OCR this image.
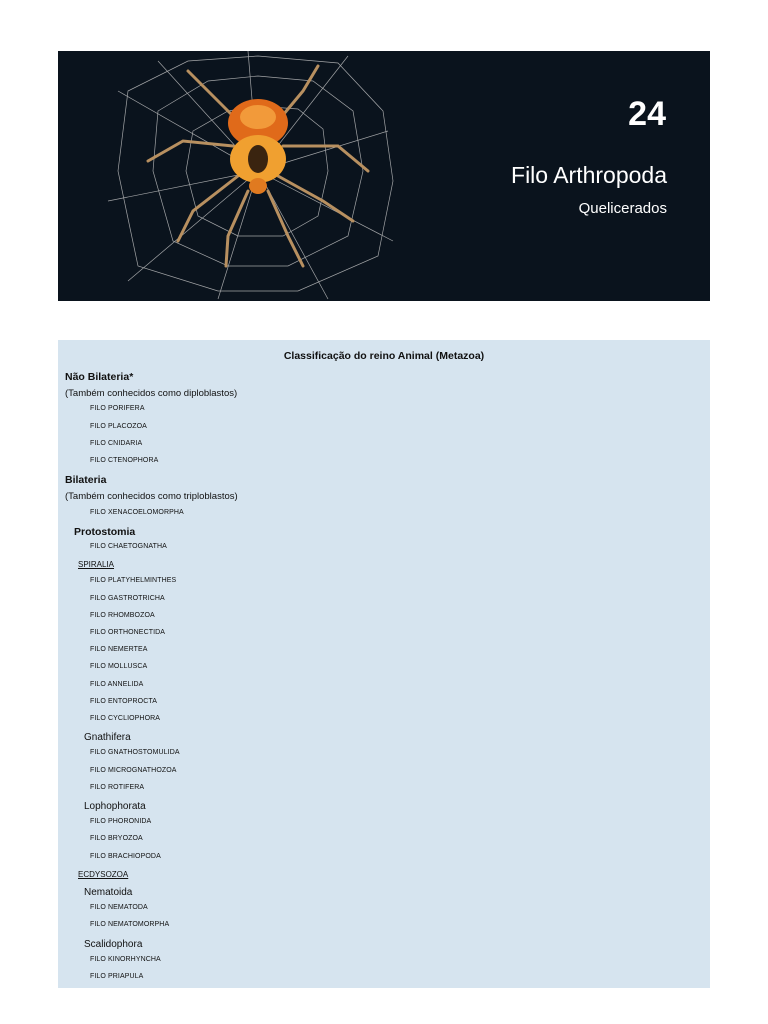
24
Filo Arthropoda
Quelicerados
Classificação do reino Animal (Metazoa)
Não Bilateria*
(Também conhecidos como diploblastos)
FILO PORIFERA
FILO PLACOZOA
FILO CNIDARIA
FILO CTENOPHORA
Bilateria
(Também conhecidos como triploblastos)
FILO XENACOELOMORPHA
Protostomia
FILO CHAETOGNATHA
SPIRALIA
FILO PLATYHELMINTHES
FILO GASTROTRICHA
FILO RHOMBOZOA
FILO ORTHONECTIDA
FILO NEMERTEA
FILO MOLLUSCA
FILO ANNELIDA
FILO ENTOPROCTA
FILO CYCLIOPHORA
Gnathifera
FILO GNATHOSTOMULIDA
FILO MICROGNATHOZOA
FILO ROTIFERA
Lophophorata
FILO PHORONIDA
FILO BRYOZOA
FILO BRACHIOPODA
ECDYSOZOA
Nematoida
FILO NEMATODA
FILO NEMATOMORPHA
Scalidophora
FILO KINORHYNCHA
FILO PRIAPULA
